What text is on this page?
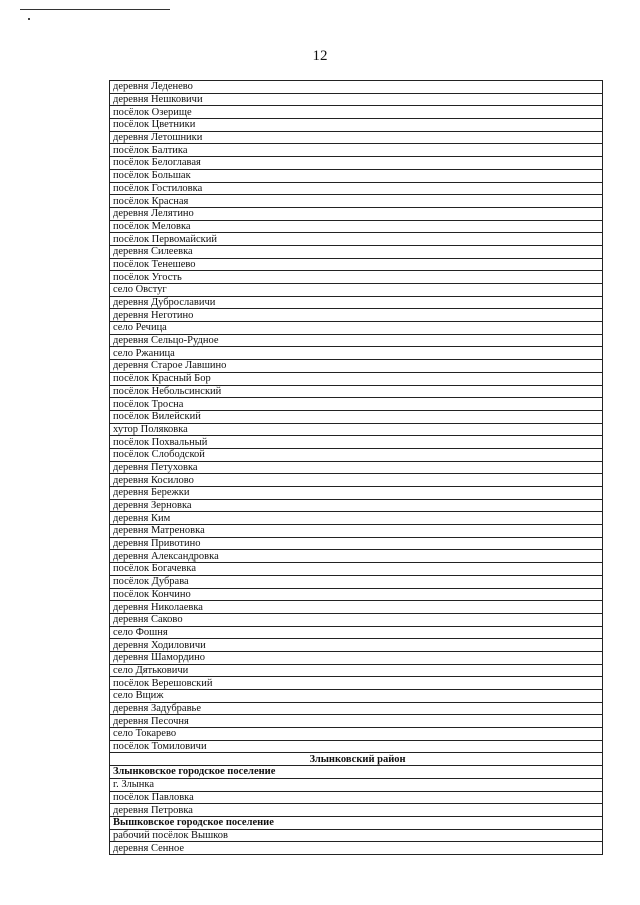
12
деревня Леденево
деревня Нешковичи
посёлок Озерище
посёлок Цветники
деревня Летошники
посёлок Балтика
посёлок Белоглавая
посёлок Большак
посёлок Гостиловка
посёлок Красная
деревня Лелятино
посёлок Меловка
посёлок Первомайский
деревня Силеевка
посёлок Тенешево
посёлок Угость
село Овстуг
деревня Дуброславичи
деревня Неготино
село Речица
деревня Сельцо-Рудное
село Ржаница
деревня Старое Лавшино
посёлок Красный Бор
посёлок Небольсинский
посёлок Тросна
посёлок Вилейский
хутор Поляковка
посёлок Похвальный
посёлок Слободской
деревня Петуховка
деревня Косилово
деревня Бережки
деревня Зерновка
деревня Ким
деревня Матреновка
деревня Привотино
деревня Александровка
посёлок Богачевка
посёлок Дубрава
посёлок Кончино
деревня Николаевка
деревня Саково
село Фошня
деревня Ходиловичи
деревня Шамордино
село Дятьковичи
посёлок Верешовский
село Вщиж
деревня Задубравье
деревня Песочня
село Токарево
посёлок Томиловичи
Злынковский район
Злынковское городское поселение
г. Злынка
посёлок Павловка
деревня Петровка
Вышковское городское поселение
рабочий посёлок Вышков
деревня Сенное
